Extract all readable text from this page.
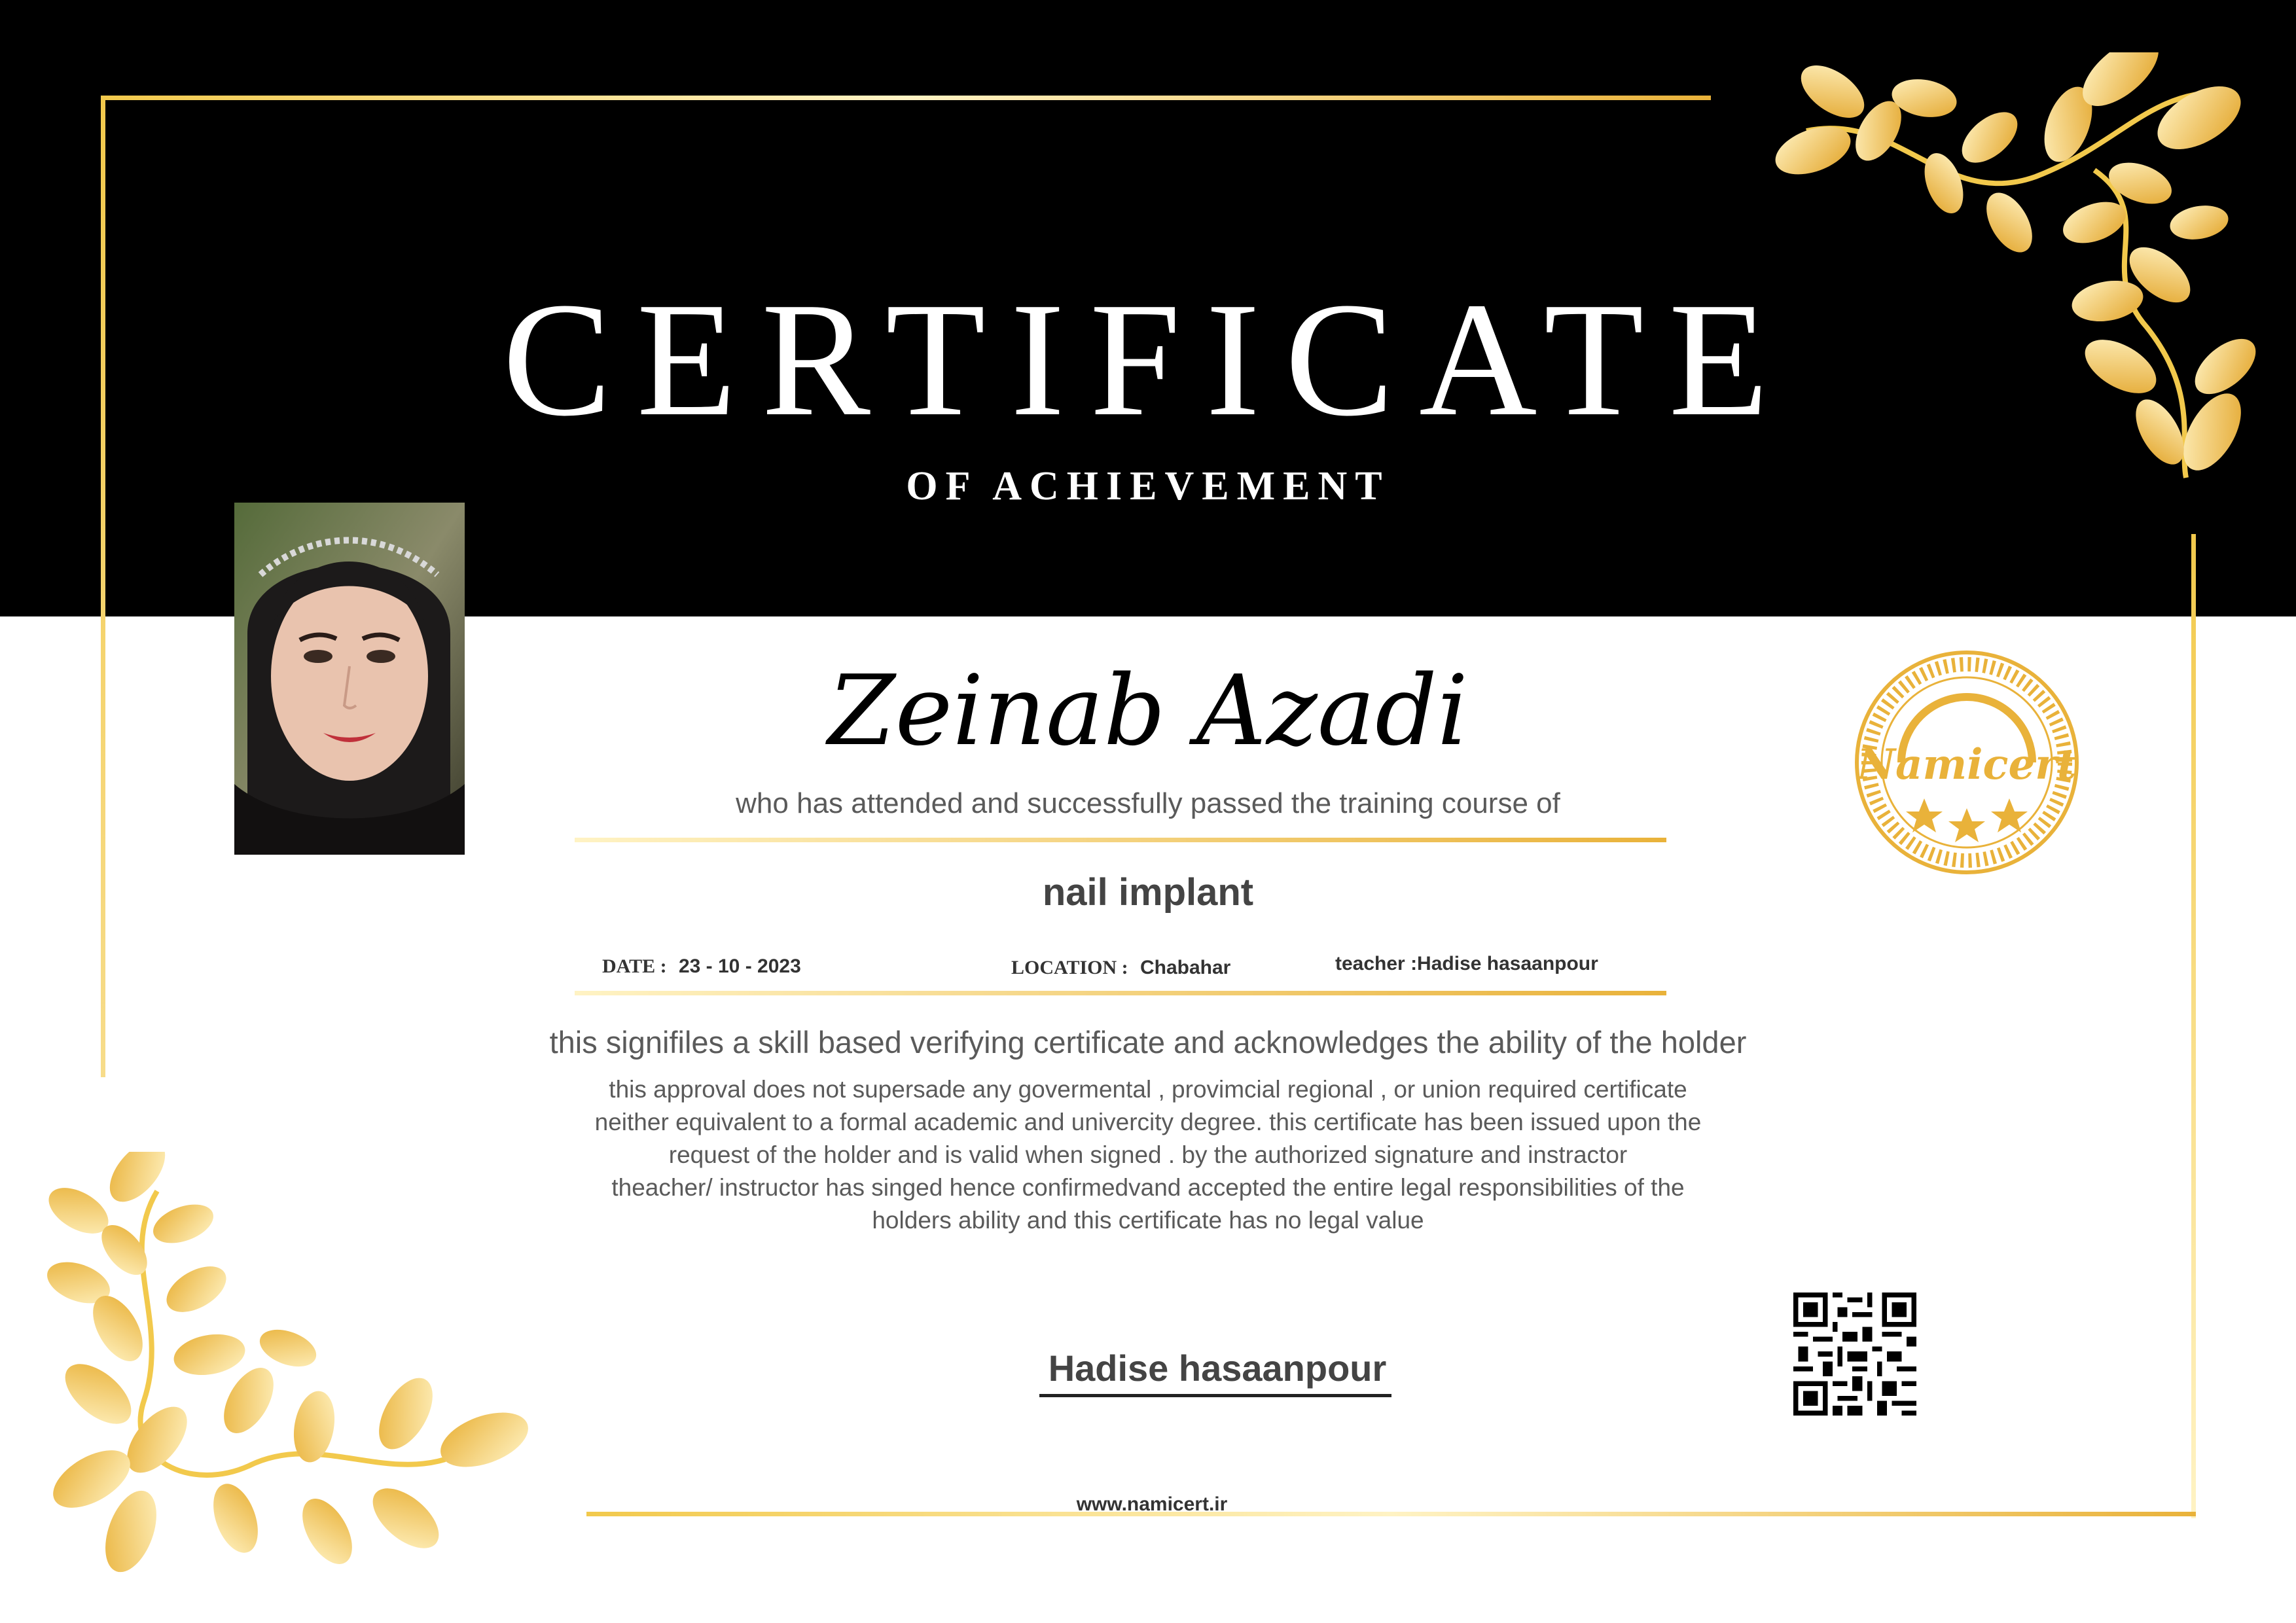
CERTIFICATE
OF ACHIEVEMENT
Zeinab Azadi
who has attended and successfully passed the training course of
nail implant
DATE : 23 - 10 - 2023	LOCATION : Chabahar	teacher :Hadise hasaanpour
this signifiles a skill based verifying certificate and acknowledges the ability of the holder
this approval does not supersade any govermental , provimcial regional , or union required certificate
neither equivalent to a formal academic and univercity degree. this certificate has been issued upon the
request of the holder and is valid when signed . by the authorized signature and instractor
theacher/ instructor has singed hence confirmedvand accepted the entire legal responsibilities of the
holders ability and this certificate has no legal value
Namicert
Hadise hasaanpour
www.namicert.ir
